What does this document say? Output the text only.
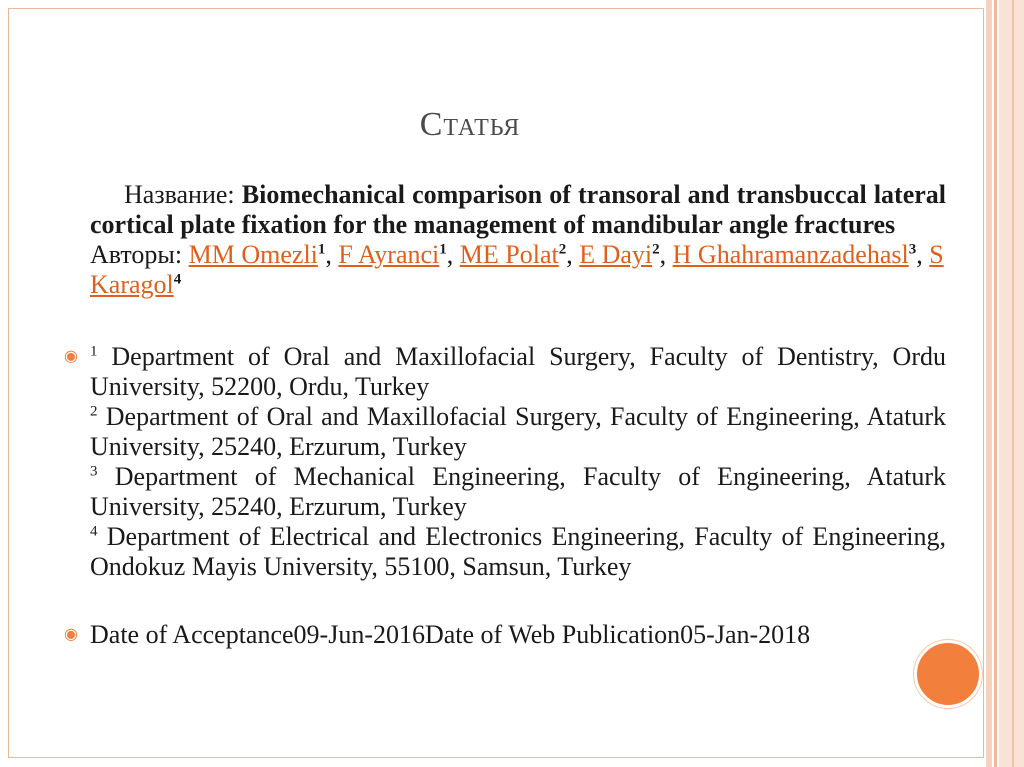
Статья

Название: Biomechanical comparison of transoral and transbuccal lateral cortical plate fixation for the management of mandibular angle fractures

Авторы: MM Omezli$^1$, F Ayranci$^1$, ME Polat$^2$, E Dayi$^2$, H Ghahramanzadehasl$^3$, S Karagol$^4$

◉ $^1$ Department of Oral and Maxillofacial Surgery, Faculty of Dentistry, Ordu University, 52200, Ordu, Turkey

$^2$ Department of Oral and Maxillofacial Surgery, Faculty of Engineering, Ataturk University, 25240, Erzurum, Turkey

$^3$ Department of Mechanical Engineering, Faculty of Engineering, Ataturk University, 25240, Erzurum, Turkey

$^4$ Department of Electrical and Electronics Engineering, Faculty of Engineering, Ondokuz Mayis University, 55100, Samsun, Turkey

◉ Date of Acceptance09-Jun-2016Date of Web Publication05-Jan-2018
